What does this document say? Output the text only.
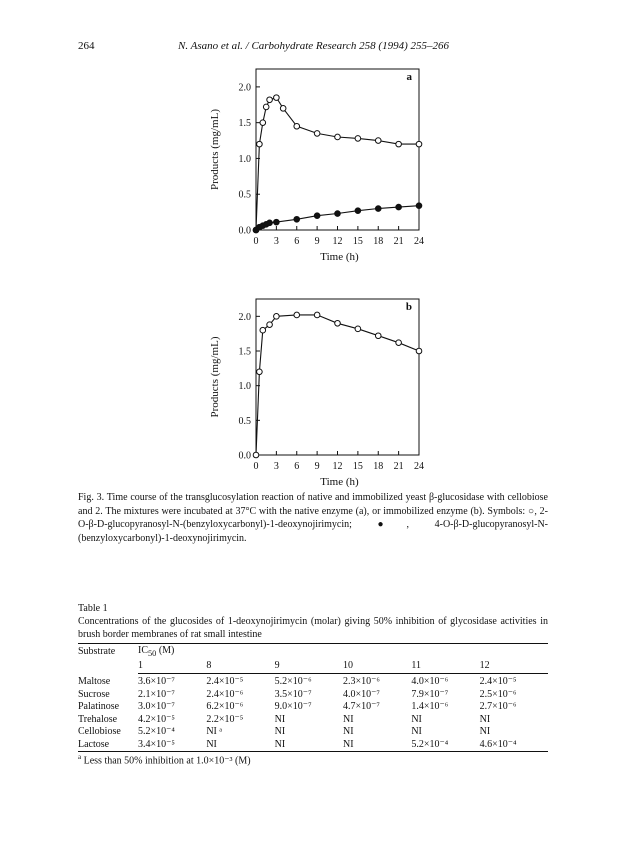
264	N. Asano et al. / Carbohydrate Research 258 (1994) 255–266
a
0 3 6 9 12 15 18 21 24
0.0
0.5
1.0
1.5
2.0
Time (h)
Products (mg/mL)
b
0 3 6 9 12 15 18 21 24
0.0
0.5
1.0
1.5
2.0
Time (h)
Products (mg/mL)
Fig. 3. Time course of the transglucosylation reaction of native and immobilized yeast β-glucosidase with cellobiose and 2. The mixtures were incubated at 37°C with the native enzyme (a), or immobilized enzyme (b). Symbols: ○, 2-O-β-D-glucopyranosyl-N-(benzyloxycarbonyl)-1-deoxynojirimycin; ●, 4-O-β-D-glucopyranosyl-N-(benzyloxycarbonyl)-1-deoxynojirimycin.
Table 1
Concentrations of the glucosides of 1-deoxynojirimycin (molar) giving 50% inhibition of glycosidase activities in brush border membranes of rat small intestine
Substrate	$IC_{50}$ (M)					
	1	8	9	10	11	12
Maltose	3.6×10⁻⁷	2.4×10⁻⁵	5.2×10⁻⁶	2.3×10⁻⁶	4.0×10⁻⁶	2.4×10⁻⁵
Sucrose	2.1×10⁻⁷	2.4×10⁻⁶	3.5×10⁻⁷	4.0×10⁻⁷	7.9×10⁻⁷	2.5×10⁻⁶
Palatinose	3.0×10⁻⁷	6.2×10⁻⁶	9.0×10⁻⁷	4.7×10⁻⁷	1.4×10⁻⁶	2.7×10⁻⁶
Trehalose	4.2×10⁻⁵	2.2×10⁻⁵	NI	NI	NI	NI
Cellobiose	5.2×10⁻⁴	NI ᵃ	NI	NI	NI	NI
Lactose	3.4×10⁻⁵	NI	NI	NI	5.2×10⁻⁴	4.6×10⁻⁴
$^a$ Less than 50% inhibition at 1.0×10⁻³ (M)
